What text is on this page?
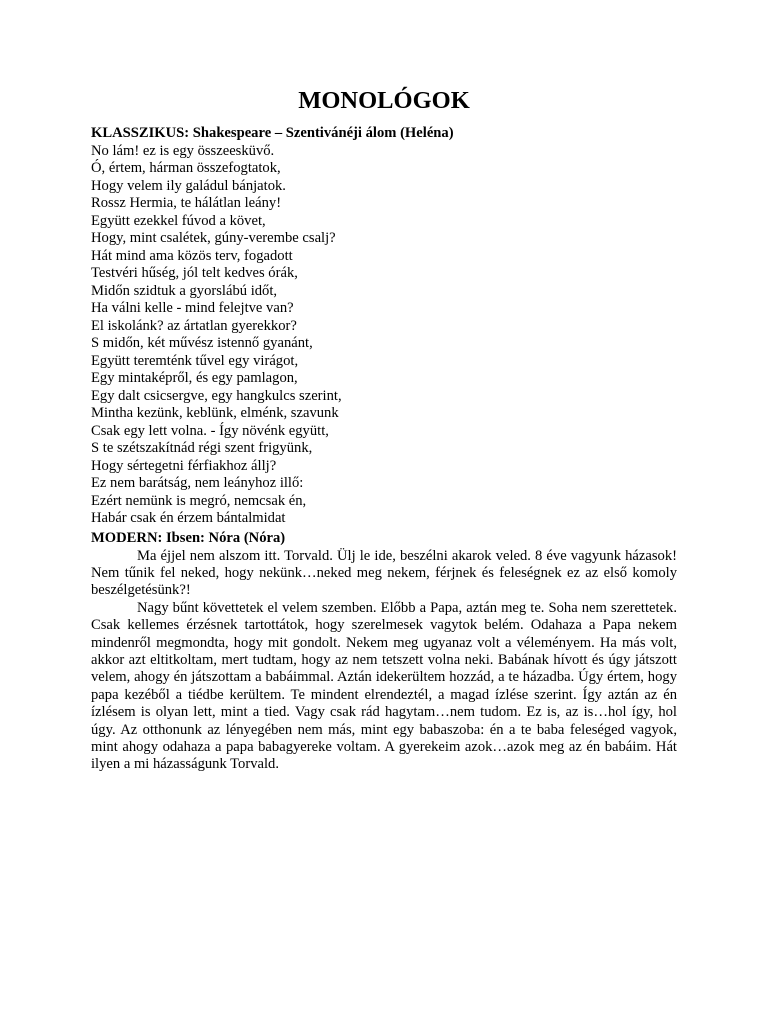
MONOLÓGOK
KLASSZIKUS: Shakespeare – Szentivánéji álom (Heléna)
No lám! ez is egy összeesküvő.
Ó, értem, hárman összefogtatok,
Hogy velem ily galádul bánjatok.
Rossz Hermia, te hálátlan leány!
Együtt ezekkel fúvod a követ,
Hogy, mint csalétek, gúny-verembe csalj?
Hát mind ama közös terv, fogadott
Testvéri hűség, jól telt kedves órák,
Midőn szidtuk a gyorslábú időt,
Ha válni kelle - mind felejtve van?
El iskolánk? az ártatlan gyerekkor?
S midőn, két művész istennő gyanánt,
Együtt teremténk tűvel egy virágot,
Egy mintaképről, és egy pamlagon,
Egy dalt csicsergve, egy hangkulcs szerint,
Mintha kezünk, keblünk, elménk, szavunk
Csak egy lett volna. - Így növénk együtt,
S te szétszakítnád régi szent frigyünk,
Hogy sértegetni férfiakhoz állj?
Ez nem barátság, nem leányhoz illő:
Ezért nemünk is megró, nemcsak én,
Habár csak én érzem bántalmidat
MODERN: Ibsen: Nóra (Nóra)

Ma éjjel nem alszom itt. Torvald. Ülj le ide, beszélni akarok veled. 8 éve vagyunk házasok! Nem tűnik fel neked, hogy nekünk…neked meg nekem, férjnek és feleségnek ez az első komoly beszélgetésünk?!

Nagy bűnt követtetek el velem szemben. Előbb a Papa, aztán meg te. Soha nem szerettetek. Csak kellemes érzésnek tartottátok, hogy szerelmesek vagytok belém. Odahaza a Papa nekem mindenről megmondta, hogy mit gondolt. Nekem meg ugyanaz volt a véleményem. Ha más volt, akkor azt eltitkoltam, mert tudtam, hogy az nem tetszett volna neki. Babának hívott és úgy játszott velem, ahogy én játszottam a babáimmal. Aztán idekerültem hozzád, a te házadba. Úgy értem, hogy papa kezéből a tiédbe kerültem. Te mindent elrendeztél, a magad ízlése szerint. Így aztán az én ízlésem is olyan lett, mint a tied. Vagy csak rád hagytam…nem tudom. Ez is, az is…hol így, hol úgy. Az otthonunk az lényegében nem más, mint egy babaszoba: én a te baba feleséged vagyok, mint ahogy odahaza a papa babagyereke voltam. A gyerekeim azok…azok meg az én babáim. Hát ilyen a mi házasságunk Torvald.
